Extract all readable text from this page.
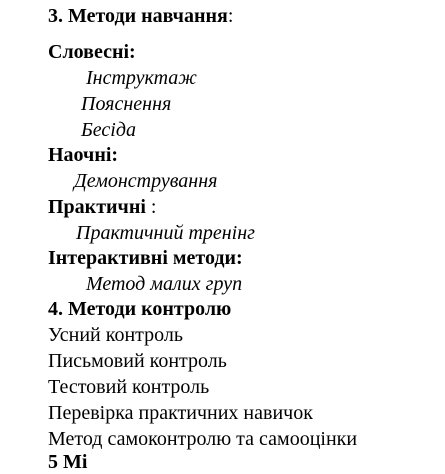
3. Методи навчання:
Словесні:
Інструктаж
Пояснення
Бесіда
Наочні:
Демонстрування
Практичні :
Практичний тренінг
Інтерактивні методи:
Метод малих груп
4. Методи контролю
Усний контроль
Письмовий контроль
Тестовий контроль
Перевірка практичних навичок
Метод самоконтролю та самооцінки
5 Мі
